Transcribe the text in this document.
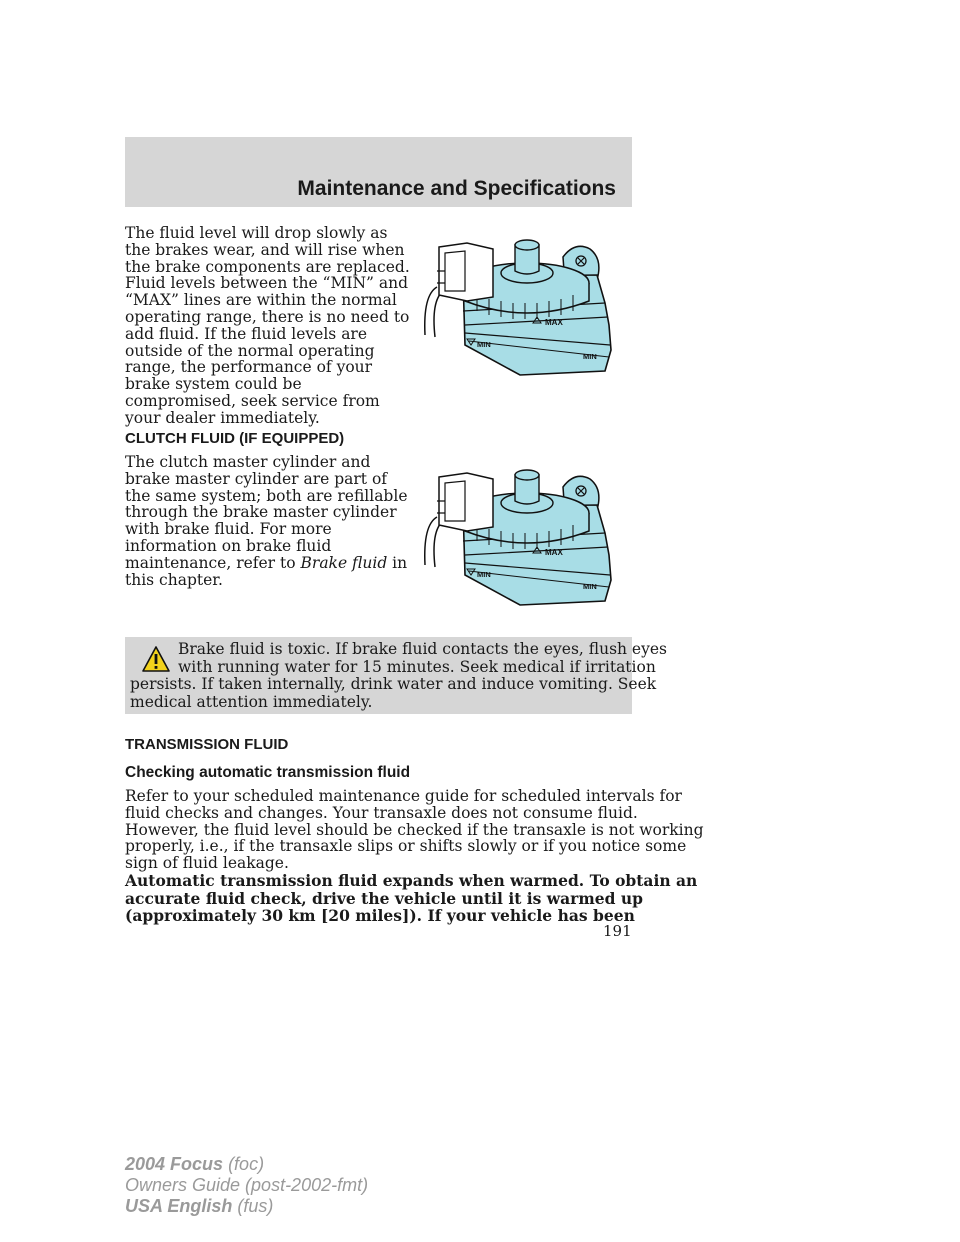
Maintenance and Specifications
The fluid level will drop slowly as
the brakes wear, and will rise when
the brake components are replaced.
Fluid levels between the “MIN” and
“MAX” lines are within the normal
operating range, there is no need to
add fluid. If the fluid levels are
outside of the normal operating
range, the performance of your
brake system could be
compromised, seek service from
your dealer immediately.
MAX
MIN
MIN
CLUTCH FLUID (IF EQUIPPED)
The clutch master cylinder and
brake master cylinder are part of
the same system; both are refillable
through the brake master cylinder
with brake fluid. For more
information on brake fluid
maintenance, refer to Brake fluid in
this chapter.
MAX
MIN
MIN
Brake fluid is toxic. If brake fluid contacts the eyes, flush eyes
with running water for 15 minutes. Seek medical if irritation
persists. If taken internally, drink water and induce vomiting. Seek
medical attention immediately.
TRANSMISSION FLUID
Checking automatic transmission fluid
Refer to your scheduled maintenance guide for scheduled intervals for
fluid checks and changes. Your transaxle does not consume fluid.
However, the fluid level should be checked if the transaxle is not working
properly, i.e., if the transaxle slips or shifts slowly or if you notice some
sign of fluid leakage.
Automatic transmission fluid expands when warmed. To obtain an
accurate fluid check, drive the vehicle until it is warmed up
(approximately 30 km [20 miles]). If your vehicle has been
191
2004 Focus (foc)
Owners Guide (post-2002-fmt)
USA English (fus)
